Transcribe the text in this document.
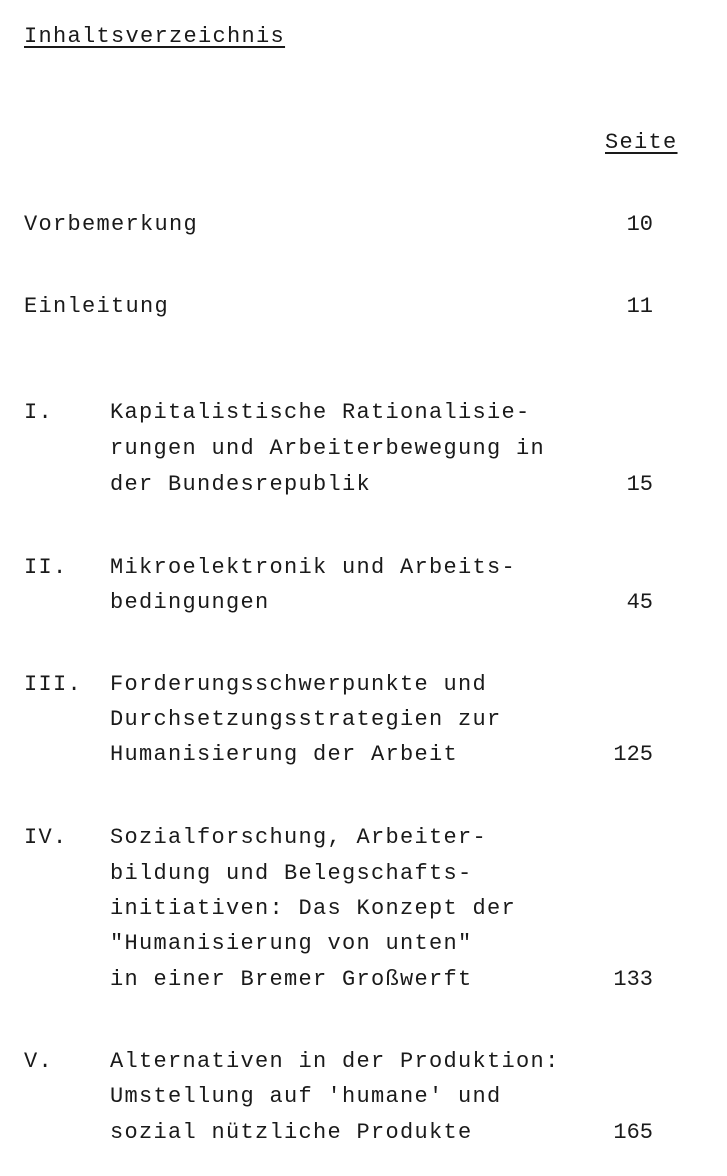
Inhaltsverzeichnis
Seite
Vorbemerkung	10
Einleitung	11
I.	Kapitalistische Rationalisie-
rungen und Arbeiterbewegung in
der Bundesrepublik	15
II. Mikroelektronik und Arbeits-
bedingungen	45
III. Forderungsschwerpunkte und
Durchsetzungsstrategien zur
Humanisierung der Arbeit	125
IV. Sozialforschung, Arbeiter-
bildung und Belegschafts-
initiativen: Das Konzept der
"Humanisierung von unten"
in einer Bremer Großwerft	133
V.	Alternativen in der Produktion:
Umstellung auf 'humane' und
sozial nützliche Produkte	165
